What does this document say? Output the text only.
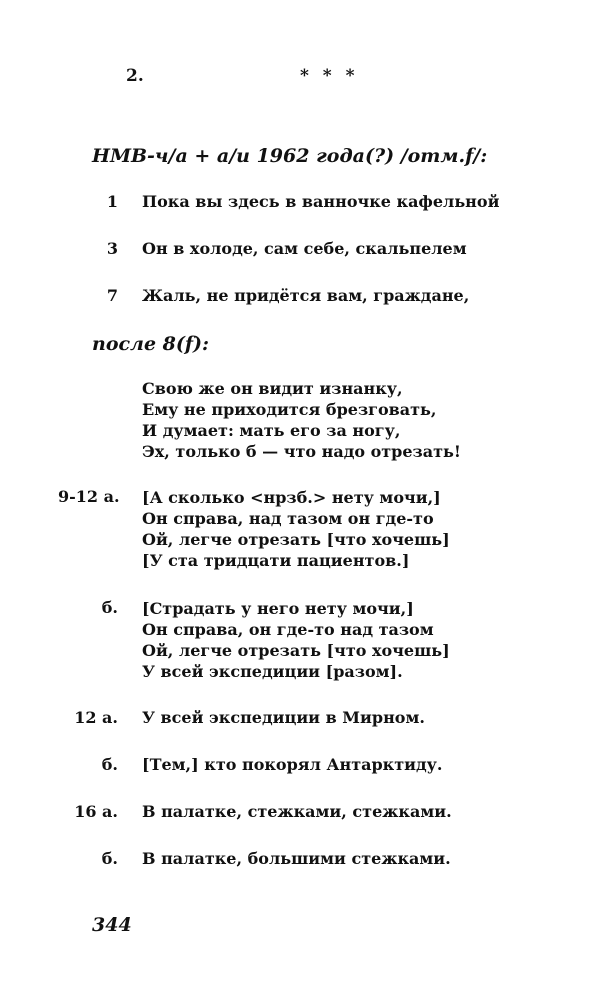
2.	* * *
НМВ-ч/а + а/и 1962 года(?) /отм.f/:
1 Пока вы здесь в ванночке кафельной
3 Он в холоде, сам себе, скальпелем
7 Жаль, не придётся вам, граждане,
после 8(f):
Свою же он видит изнанку,
Ему не приходится брезговать,
И думает: мать его за ногу,
Эх, только б — что надо отрезать!
9-12 а. [А сколько <нрзб.> нету мочи,]
Он справа, над тазом он где-то
Ой, легче отрезать [что хочешь]
[У ста тридцати пациентов.]
б. [Страдать у него нету мочи,]
Он справа, он где-то над тазом
Ой, легче отрезать [что хочешь]
У всей экспедиции [разом].
12 а. У всей экспедиции в Мирном.
б. [Тем,] кто покорял Антарктиду.
16 а. В палатке, стежками, стежками.
б. В палатке, большими стежками.
344
